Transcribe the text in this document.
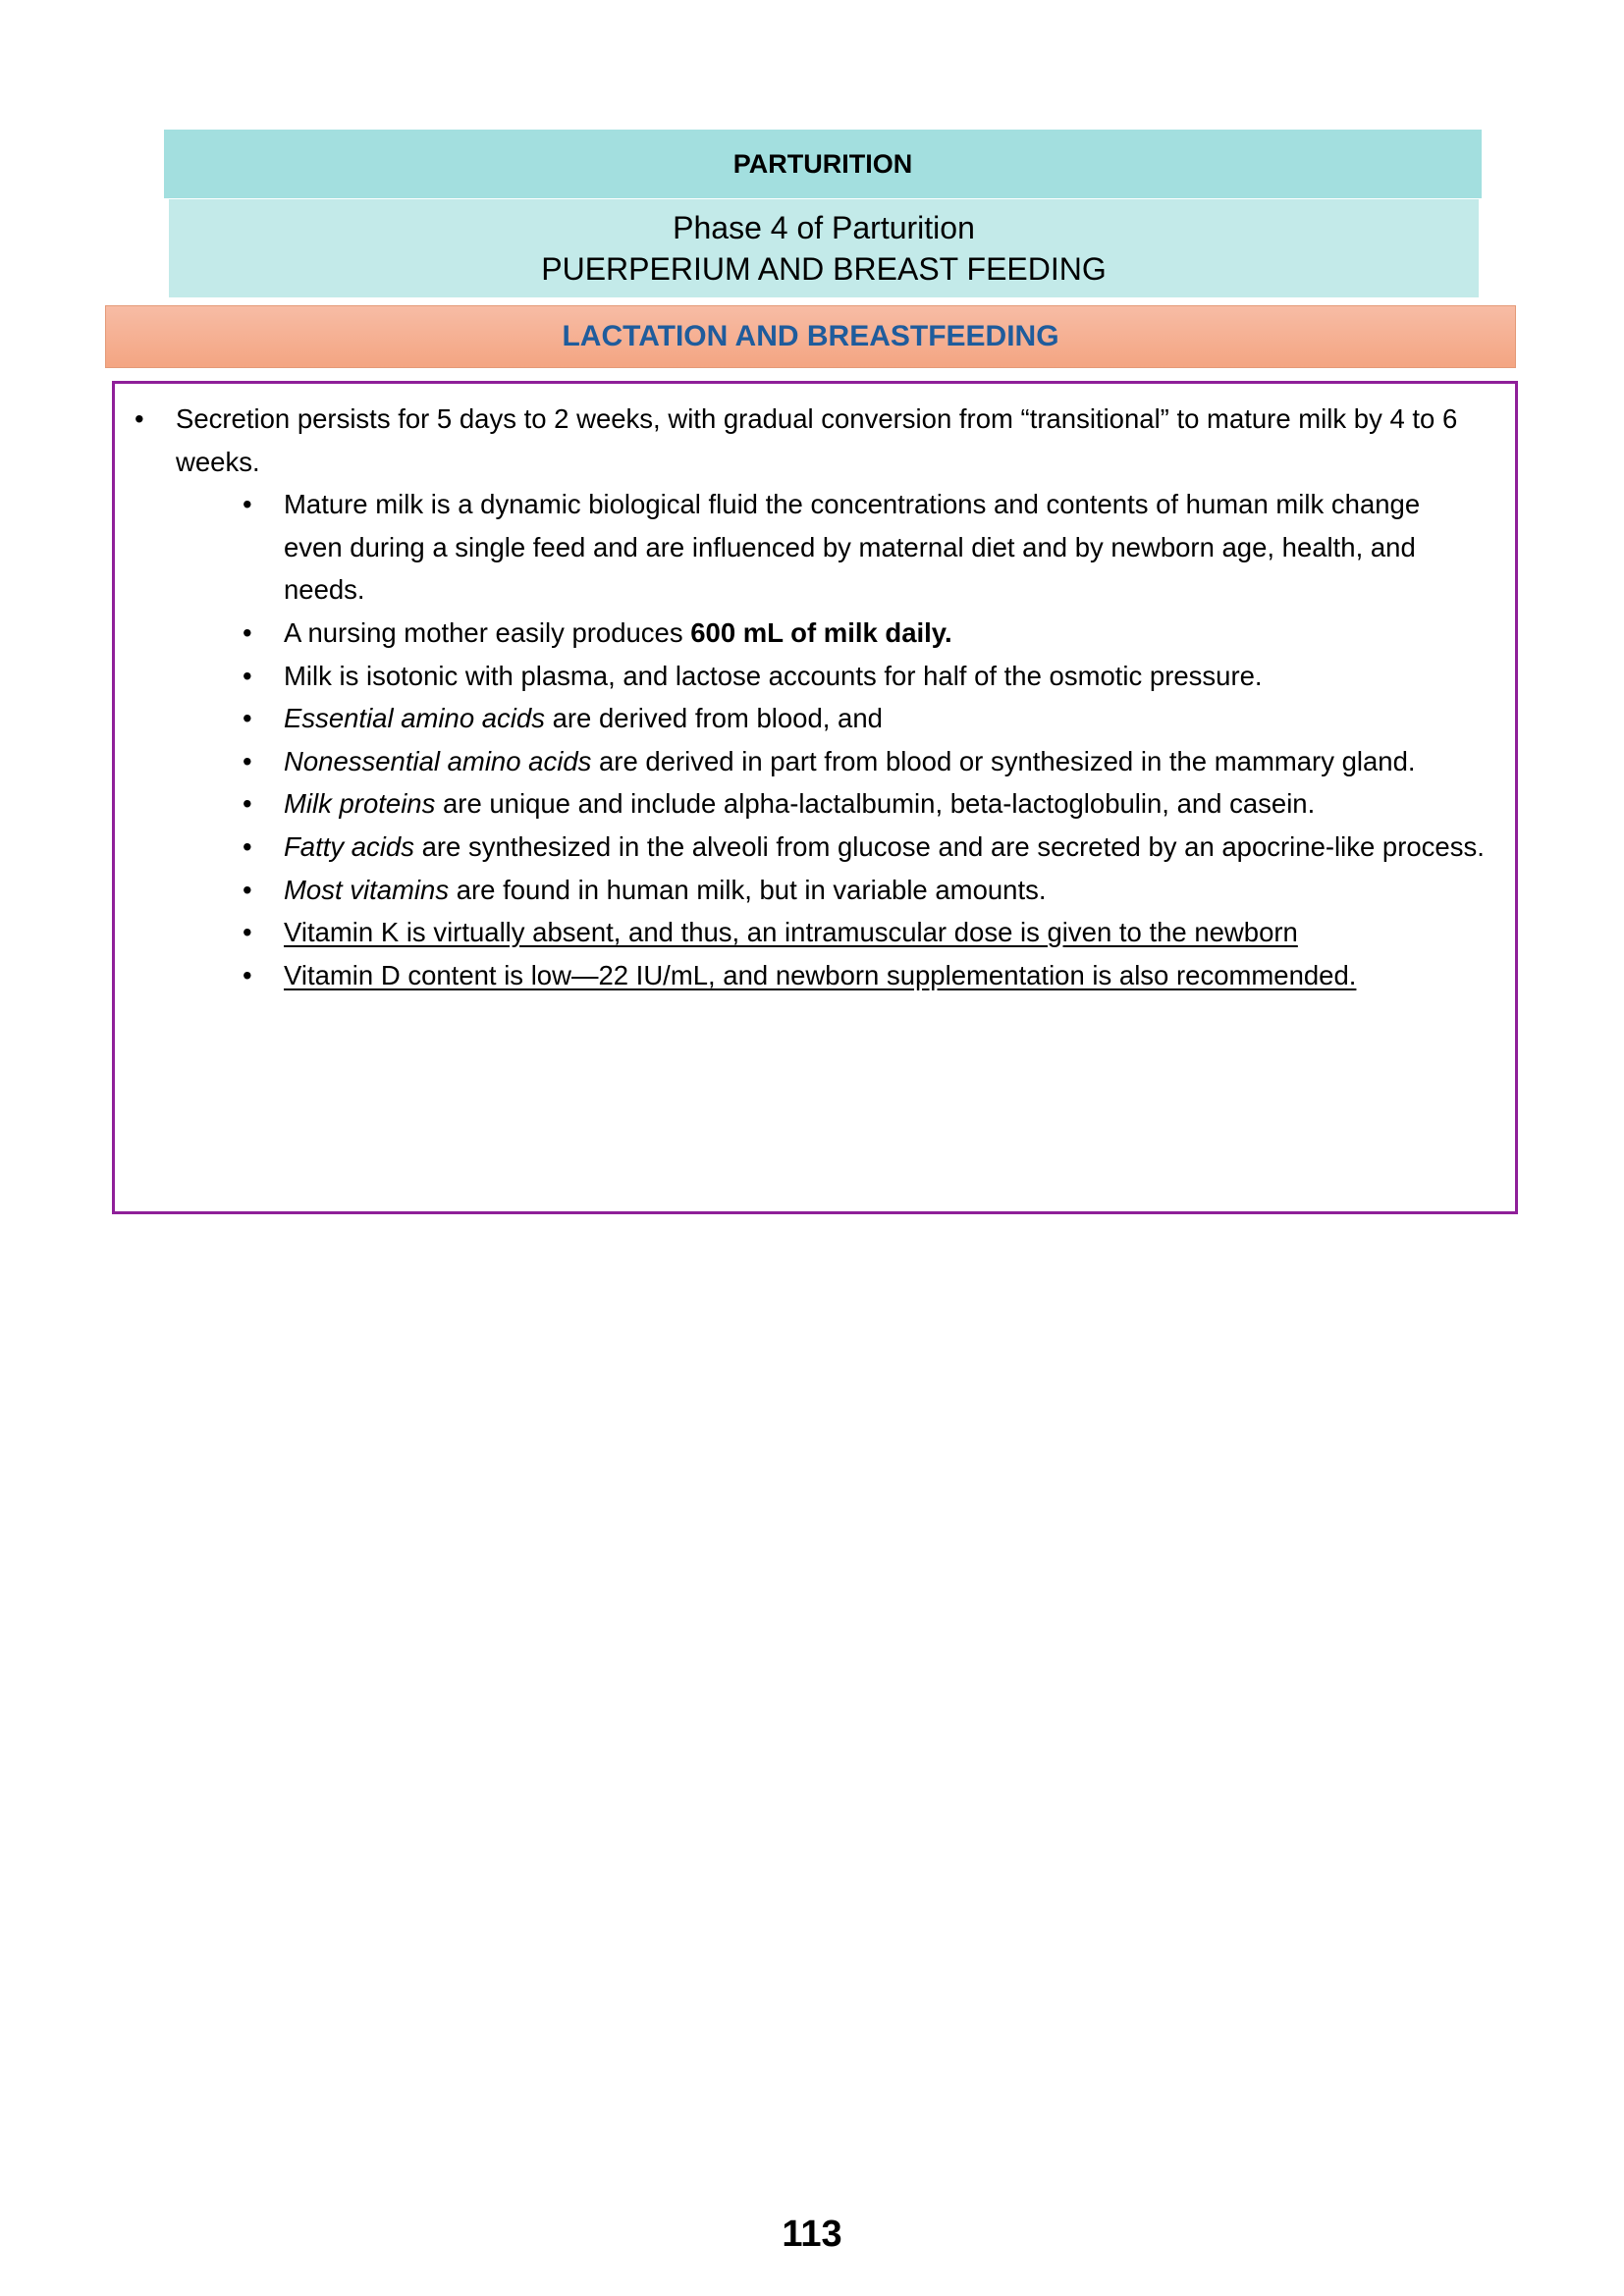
PARTURITION
Phase 4 of Parturition
PUERPERIUM AND BREAST FEEDING
LACTATION AND BREASTFEEDING
• Secretion persists for 5 days to 2 weeks, with gradual conversion from “transitional” to mature milk by 4 to 6 weeks.
• Mature milk is a dynamic biological fluid the concentrations and contents of human milk change even during a single feed and are influenced by maternal diet and by newborn age, health, and needs.
• A nursing mother easily produces 600 mL of milk daily.
• Milk is isotonic with plasma, and lactose accounts for half of the osmotic pressure.
• Essential amino acids are derived from blood, and
• Nonessential amino acids are derived in part from blood or synthesized in the mammary gland.
• Milk proteins are unique and include alpha-lactalbumin, beta-lactoglobulin, and casein.
• Fatty acids are synthesized in the alveoli from glucose and are secreted by an apocrine-like process.
• Most vitamins are found in human milk, but in variable amounts.
• Vitamin K is virtually absent, and thus, an intramuscular dose is given to the newborn
• Vitamin D content is low—22 IU/mL, and newborn supplementation is also recommended.
113
